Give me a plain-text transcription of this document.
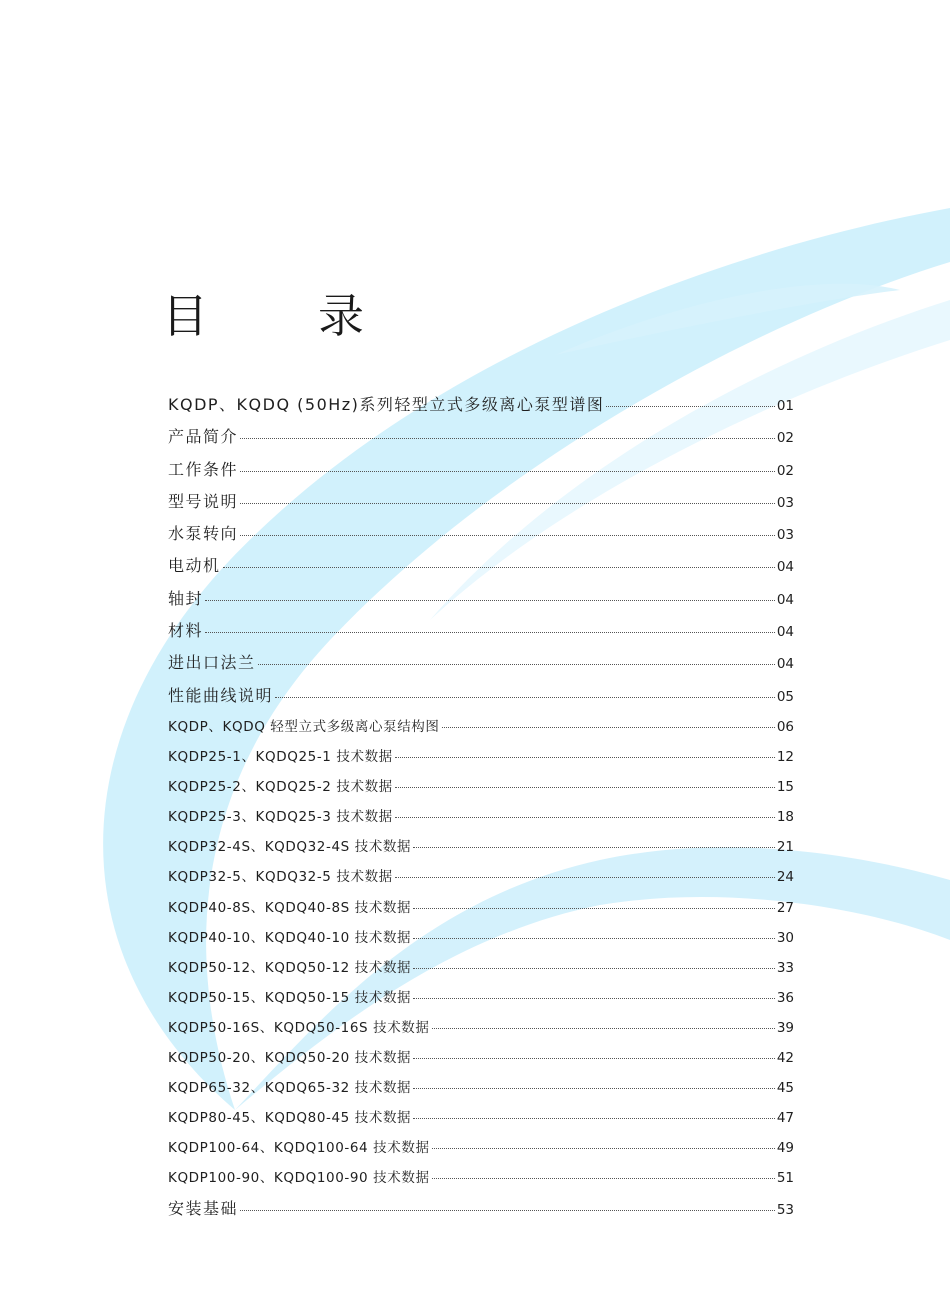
目　录
KQDP、KQDQ (50Hz)系列轻型立式多级离心泵型谱图	01
产品简介	02
工作条件	02
型号说明	03
水泵转向	03
电动机	04
轴封	04
材料	04
进出口法兰	04
性能曲线说明	05
KQDP、KQDQ 轻型立式多级离心泵结构图	06
KQDP25-1、KQDQ25-1 技术数据	12
KQDP25-2、KQDQ25-2 技术数据	15
KQDP25-3、KQDQ25-3 技术数据	18
KQDP32-4S、KQDQ32-4S 技术数据	21
KQDP32-5、KQDQ32-5 技术数据	24
KQDP40-8S、KQDQ40-8S 技术数据	27
KQDP40-10、KQDQ40-10 技术数据	30
KQDP50-12、KQDQ50-12 技术数据	33
KQDP50-15、KQDQ50-15 技术数据	36
KQDP50-16S、KQDQ50-16S 技术数据	39
KQDP50-20、KQDQ50-20 技术数据	42
KQDP65-32、KQDQ65-32 技术数据	45
KQDP80-45、KQDQ80-45 技术数据	47
KQDP100-64、KQDQ100-64 技术数据	49
KQDP100-90、KQDQ100-90 技术数据	51
安装基础	53
